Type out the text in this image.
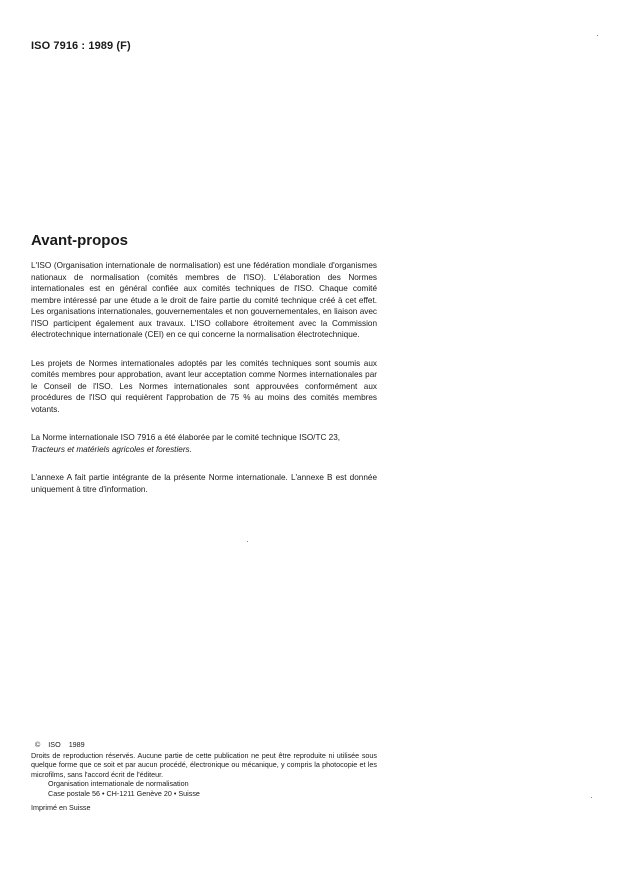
ISO 7916 : 1989 (F)
Avant-propos

L'ISO (Organisation internationale de normalisation) est une fédération mondiale d'organismes nationaux de normalisation (comités membres de l'ISO). L'élaboration des Normes internationales est en général confiée aux comités techniques de l'ISO. Chaque comité membre intéressé par une étude a le droit de faire partie du comité technique créé à cet effet. Les organisations internationales, gouvernementales et non gouvernementales, en liaison avec l'ISO participent également aux travaux. L'ISO collabore étroitement avec la Commission électrotechnique internationale (CEI) en ce qui concerne la normalisation électrotechnique.

Les projets de Normes internationales adoptés par les comités techniques sont soumis aux comités membres pour approbation, avant leur acceptation comme Normes internationales par le Conseil de l'ISO. Les Normes internationales sont approuvées conformément aux procédures de l'ISO qui requièrent l'approbation de 75 % au moins des comités membres votants.

La Norme internationale ISO 7916 a été élaborée par le comité technique ISO/TC 23,
Tracteurs et matériels agricoles et forestiers.

L'annexe A fait partie intégrante de la présente Norme internationale. L'annexe B est donnée uniquement à titre d'information.

© ISO 1989

Droits de reproduction réservés. Aucune partie de cette publication ne peut être reproduite ni utilisée sous quelque forme que ce soit et par aucun procédé, électronique ou mécanique, y compris la photocopie et les microfilms, sans l'accord écrit de l'éditeur.

Organisation internationale de normalisation
Case postale 56 • CH-1211 Genève 20 • Suisse
Imprimé en Suisse
